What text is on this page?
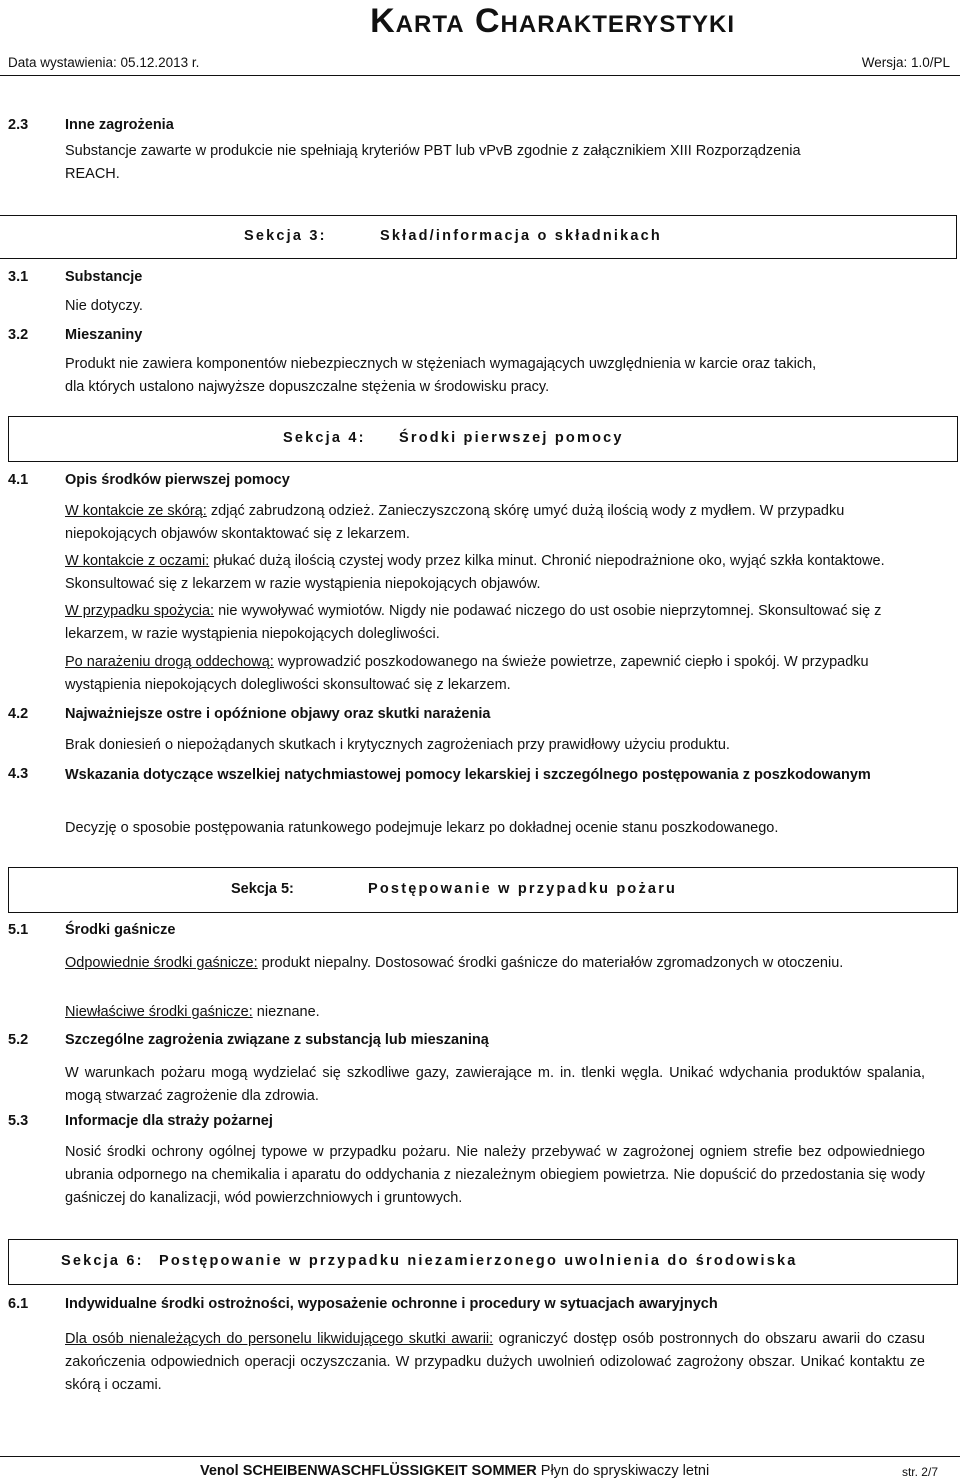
Karta Charakterystyki
Data wystawienia: 05.12.2013 r.	Wersja: 1.0/PL
2.3	Inne zagrożenia
Substancje zawarte w produkcie nie spełniają kryteriów PBT lub vPvB zgodnie z załącznikiem XIII Rozporządzenia
REACH.
Sekcja 3:	Skład/informacja o składnikach
3.1	Substancje
Nie dotyczy.
3.2	Mieszaniny
Produkt nie zawiera komponentów niebezpiecznych w stężeniach wymagających uwzględnienia w karcie oraz takich,
dla których ustalono najwyższe dopuszczalne stężenia w środowisku pracy.
Sekcja 4: Środki pierwszej pomocy
4.1	Opis środków pierwszej pomocy
W kontakcie ze skórą: zdjąć zabrudzoną odzież. Zanieczyszczoną skórę umyć dużą ilością wody z mydłem. W przypadku niepokojących objawów skontaktować się z lekarzem.
W kontakcie z oczami: płukać dużą ilością czystej wody przez kilka minut. Chronić niepodrażnione oko, wyjąć szkła kontaktowe. Skonsultować się z lekarzem w razie wystąpienia niepokojących objawów.
W przypadku spożycia: nie wywoływać wymiotów. Nigdy nie podawać niczego do ust osobie nieprzytomnej. Skonsultować się z lekarzem, w razie wystąpienia niepokojących dolegliwości.
Po narażeniu drogą oddechową: wyprowadzić poszkodowanego na świeże powietrze, zapewnić ciepło i spokój. W przypadku wystąpienia niepokojących dolegliwości skonsultować się z lekarzem.
4.2	Najważniejsze ostre i opóźnione objawy oraz skutki narażenia
Brak doniesień o niepożądanych skutkach i krytycznych zagrożeniach przy prawidłowy użyciu produktu.
4.3	Wskazania dotyczące wszelkiej natychmiastowej pomocy lekarskiej i szczególnego postępowania z poszkodowanym
Decyzję o sposobie postępowania ratunkowego podejmuje lekarz po dokładnej ocenie stanu poszkodowanego.
Sekcja 5:	Postępowanie w przypadku pożaru
5.1	Środki gaśnicze
Odpowiednie środki gaśnicze: produkt niepalny. Dostosować środki gaśnicze do materiałów zgromadzonych w otoczeniu.
Niewłaściwe środki gaśnicze: nieznane.
5.2	Szczególne zagrożenia związane z substancją lub mieszaniną
W warunkach pożaru mogą wydzielać się szkodliwe gazy, zawierające m. in. tlenki węgla. Unikać wdychania produktów spalania, mogą stwarzać zagrożenie dla zdrowia.
5.3	Informacje dla straży pożarnej
Nosić środki ochrony ogólnej typowe w przypadku pożaru. Nie należy przebywać w zagrożonej ogniem strefie bez odpowiedniego ubrania odpornego na chemikalia i aparatu do oddychania z niezależnym obiegiem powietrza. Nie dopuścić do przedostania się wody gaśniczej do kanalizacji, wód powierzchniowych i gruntowych.
Sekcja 6: Postępowanie w przypadku niezamierzonego uwolnienia do środowiska
6.1	Indywidualne środki ostrożności, wyposażenie ochronne i procedury w sytuacjach awaryjnych
Dla osób nienależących do personelu likwidującego skutki awarii: ograniczyć dostęp osób postronnych do obszaru awarii do czasu zakończenia odpowiednich operacji oczyszczania. W przypadku dużych uwolnień odizolować zagrożony obszar. Unikać kontaktu ze skórą i oczami.
Venol SCHEIBENWASCHFLÜSSIGKEIT SOMMER Płyn do spryskiwaczy letni	str. 2/7
